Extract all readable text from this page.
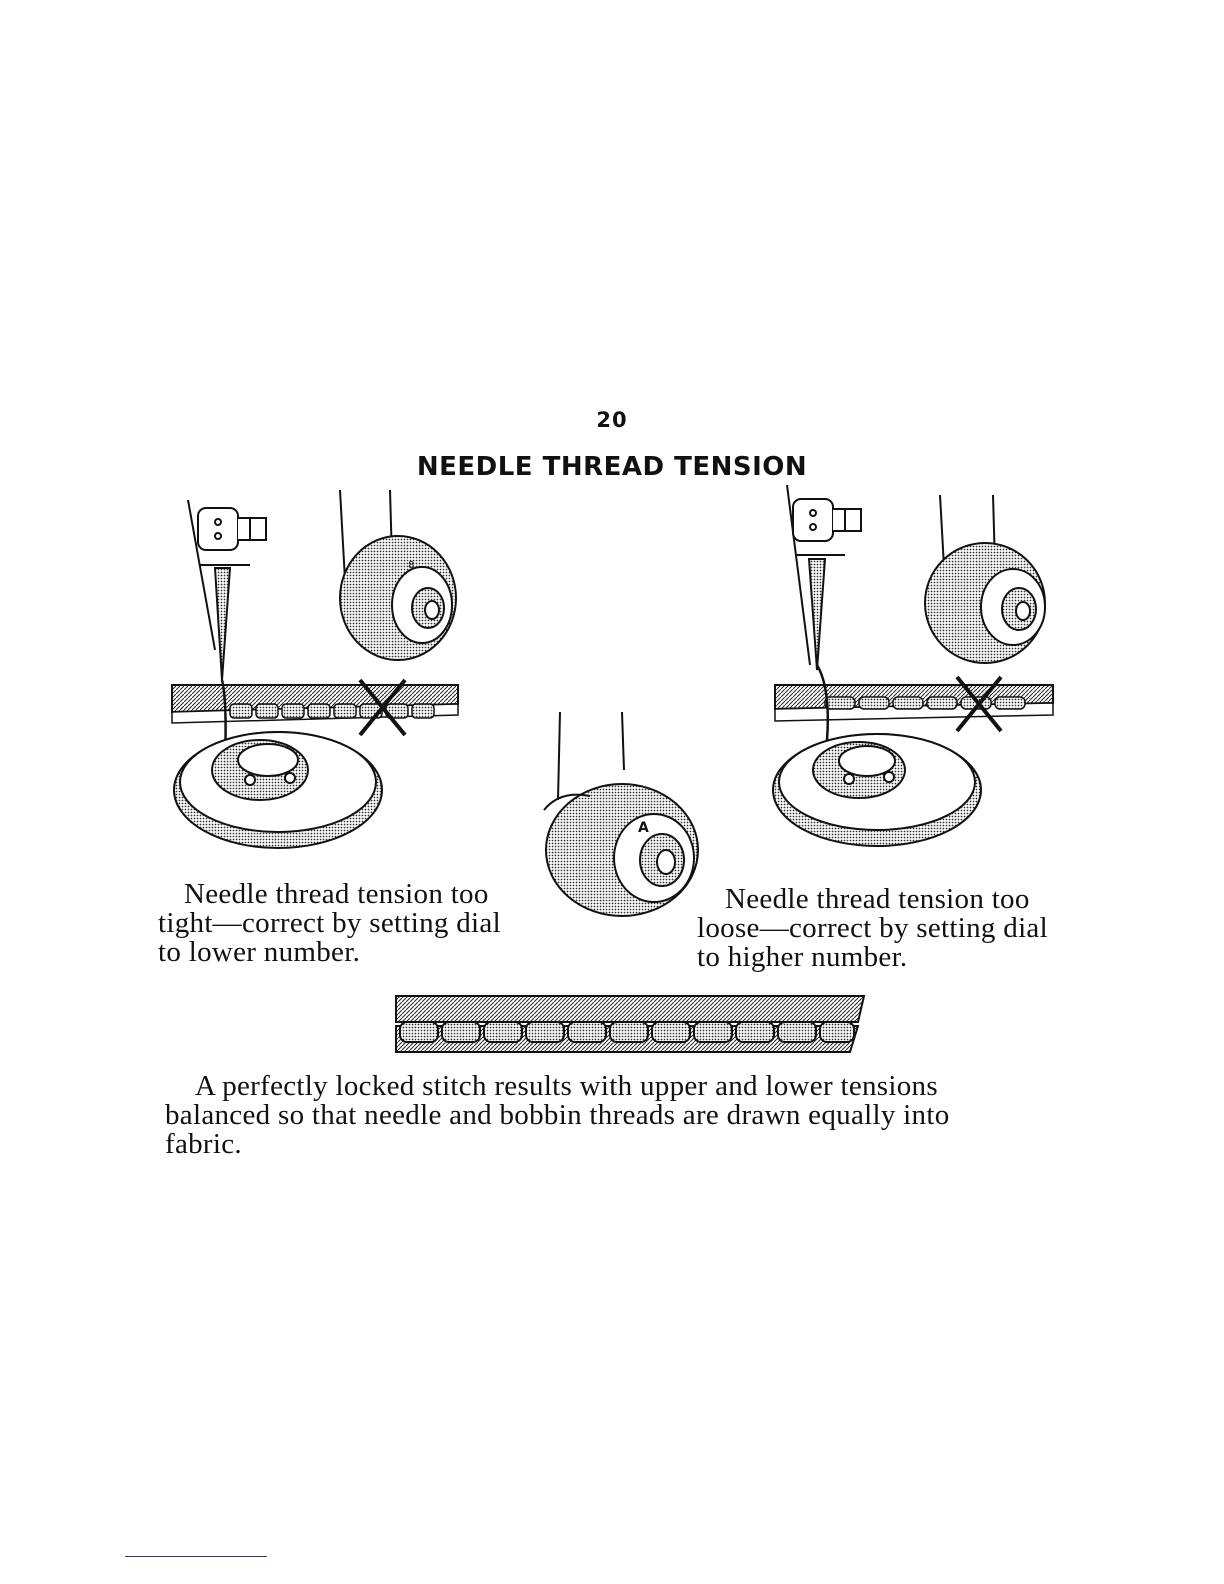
20
NEEDLE THREAD TENSION
8
A
Needle thread tension too
tight—correct by setting dial
to lower number.
Needle thread tension too
loose—correct by setting dial
to higher number.
A perfectly locked stitch results with upper and lower tensions
balanced so that needle and bobbin threads are drawn equally into
fabric.
